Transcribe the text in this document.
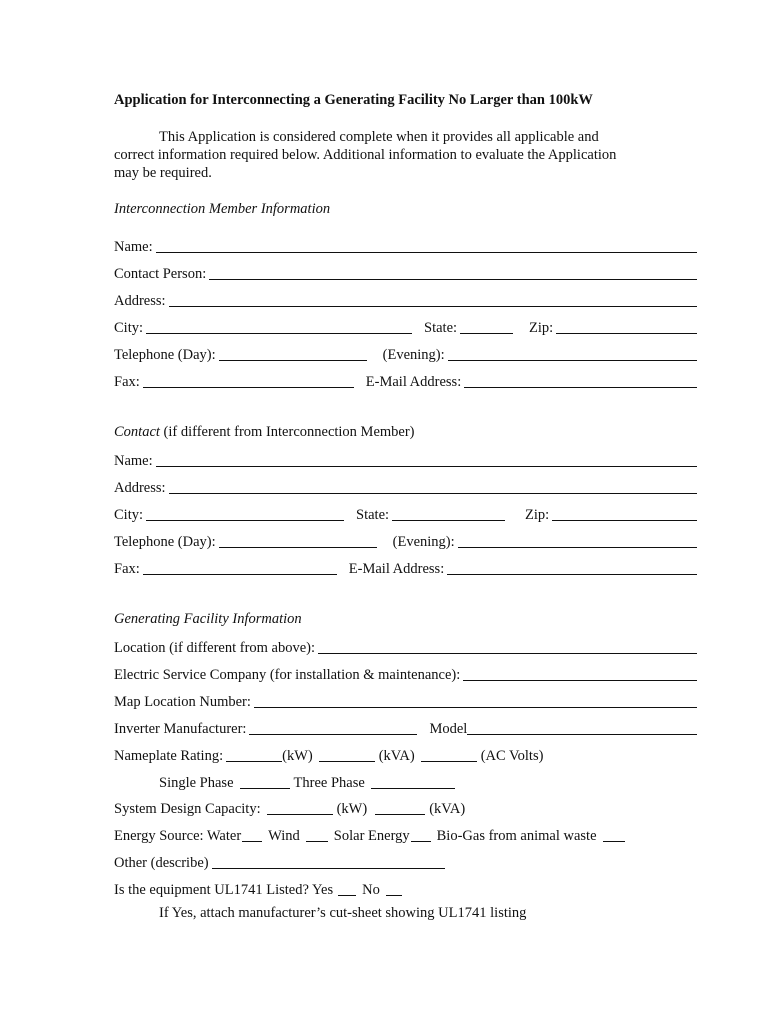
Application for Interconnecting a Generating Facility No Larger than 100kW
This Application is considered complete when it provides all applicable and
correct information required below. Additional information to evaluate the Application
may be required.
Interconnection Member Information
Name:
Contact Person:
Address:
City:	State:	Zip:
Telephone (Day):	(Evening):
Fax:	E-Mail Address:
Contact (if different from Interconnection Member)
Name:
Address:
City:	State:	Zip:
Telephone (Day):	(Evening):
Fax:	E-Mail Address:
Generating Facility Information
Location (if different from above):
Electric Service Company (for installation & maintenance):
Map Location Number:
Inverter Manufacturer:	Model
Nameplate Rating:	(kW)	(kVA)	(AC Volts)
Single Phase	Three Phase
System Design Capacity:	(kW)	(kVA)
Energy Source: Water Wind Solar Energy Bio-Gas from animal waste
Other (describe)
Is the equipment UL1741 Listed? Yes No
If Yes, attach manufacturer’s cut-sheet showing UL1741 listing
